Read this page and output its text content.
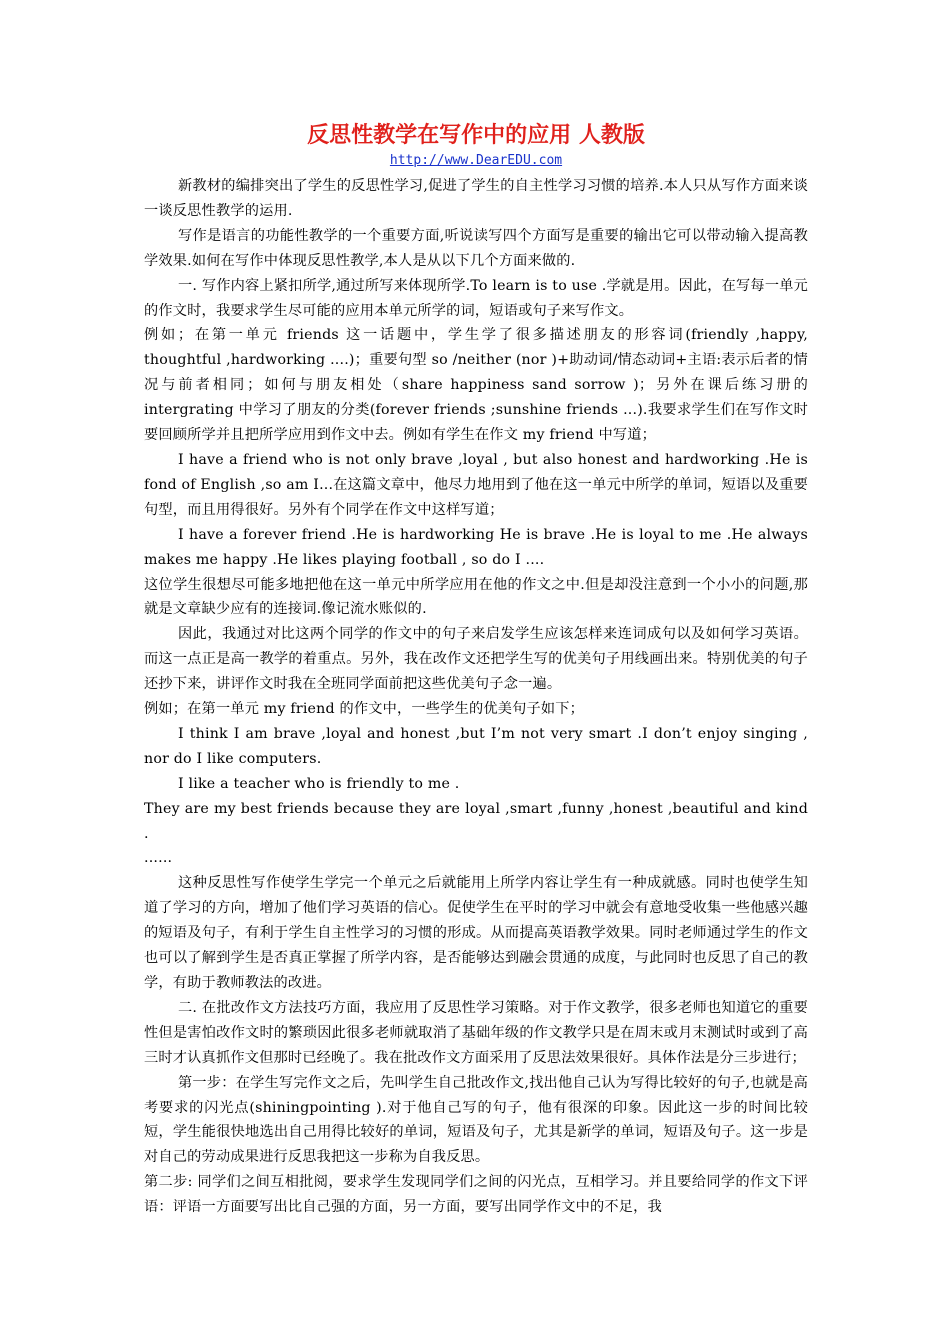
反思性教学在写作中的应用 人教版
http://www.DearEDU.com

新教材的编排突出了学生的反思性学习,促进了学生的自主性学习习惯的培养.本人只从写作方面来谈一谈反思性教学的运用.

写作是语言的功能性教学的一个重要方面,听说读写四个方面写是重要的输出它可以带动输入提高教学效果.如何在写作中体现反思性教学,本人是从以下几个方面来做的.

一. 写作内容上紧扣所学,通过所写来体现所学.To learn is to use .学就是用。因此，在写每一单元的作文时，我要求学生尽可能的应用本单元所学的词，短语或句子来写作文。

例如；在第一单元 friends 这一话题中，学生学了很多描述朋友的形容词(friendly ,happy, thoughtful ,hardworking ....)；重要句型 so /neither (nor )+助动词/情态动词+主语:表示后者的情况与前者相同；如何与朋友相处（share happiness sand sorrow )；另外在课后练习册的intergrating 中学习了朋友的分类(forever friends ;sunshine friends ...).我要求学生们在写作文时要回顾所学并且把所学应用到作文中去。例如有学生在作文 my friend 中写道；

I have a friend who is not only brave ,loyal , but also honest and hardworking .He is fond of English ,so am I...在这篇文章中，他尽力地用到了他在这一单元中所学的单词，短语以及重要句型，而且用得很好。另外有个同学在作文中这样写道；

I have a forever friend .He is hardworking He is brave .He is loyal to me .He always makes me happy .He likes playing football , so do I ....

这位学生很想尽可能多地把他在这一单元中所学应用在他的作文之中.但是却没注意到一个小小的问题,那就是文章缺少应有的连接词.像记流水账似的.

因此，我通过对比这两个同学的作文中的句子来启发学生应该怎样来连词成句以及如何学习英语。而这一点正是高一教学的着重点。另外，我在改作文还把学生写的优美句子用线画出来。特别优美的句子还抄下来，讲评作文时我在全班同学面前把这些优美句子念一遍。

例如；在第一单元 my friend 的作文中，一些学生的优美句子如下；

I think I am brave ,loyal and honest ,but I’m not very smart .I don’t enjoy singing , nor do I like computers.

I like a teacher who is friendly to me .

They are my best friends because they are loyal ,smart ,funny ,honest ,beautiful and kind .

......

这种反思性写作使学生学完一个单元之后就能用上所学内容让学生有一种成就感。同时也使学生知道了学习的方向，增加了他们学习英语的信心。促使学生在平时的学习中就会有意地受收集一些他感兴趣的短语及句子，有利于学生自主性学习的习惯的形成。从而提高英语教学效果。同时老师通过学生的作文也可以了解到学生是否真正掌握了所学内容，是否能够达到融会贯通的成度，与此同时也反思了自己的教学，有助于教师教法的改进。

二. 在批改作文方法技巧方面，我应用了反思性学习策略。对于作文教学，很多老师也知道它的重要性但是害怕改作文时的繁琐因此很多老师就取消了基础年级的作文教学只是在周末或月末测试时或到了高三时才认真抓作文但那时已经晚了。我在批改作文方面采用了反思法效果很好。具体作法是分三步进行；

第一步：在学生写完作文之后，先叫学生自己批改作文,找出他自己认为写得比较好的句子,也就是高考要求的闪光点(shiningpointing ).对于他自己写的句子，他有很深的印象。因此这一步的时间比较短，学生能很快地选出自己用得比较好的单词，短语及句子，尤其是新学的单词，短语及句子。这一步是对自己的劳动成果进行反思我把这一步称为自我反思。

第二步: 同学们之间互相批阅，要求学生发现同学们之间的闪光点，互相学习。并且要给同学的作文下评语：评语一方面要写出比自己强的方面，另一方面，要写出同学作文中的不足，我
